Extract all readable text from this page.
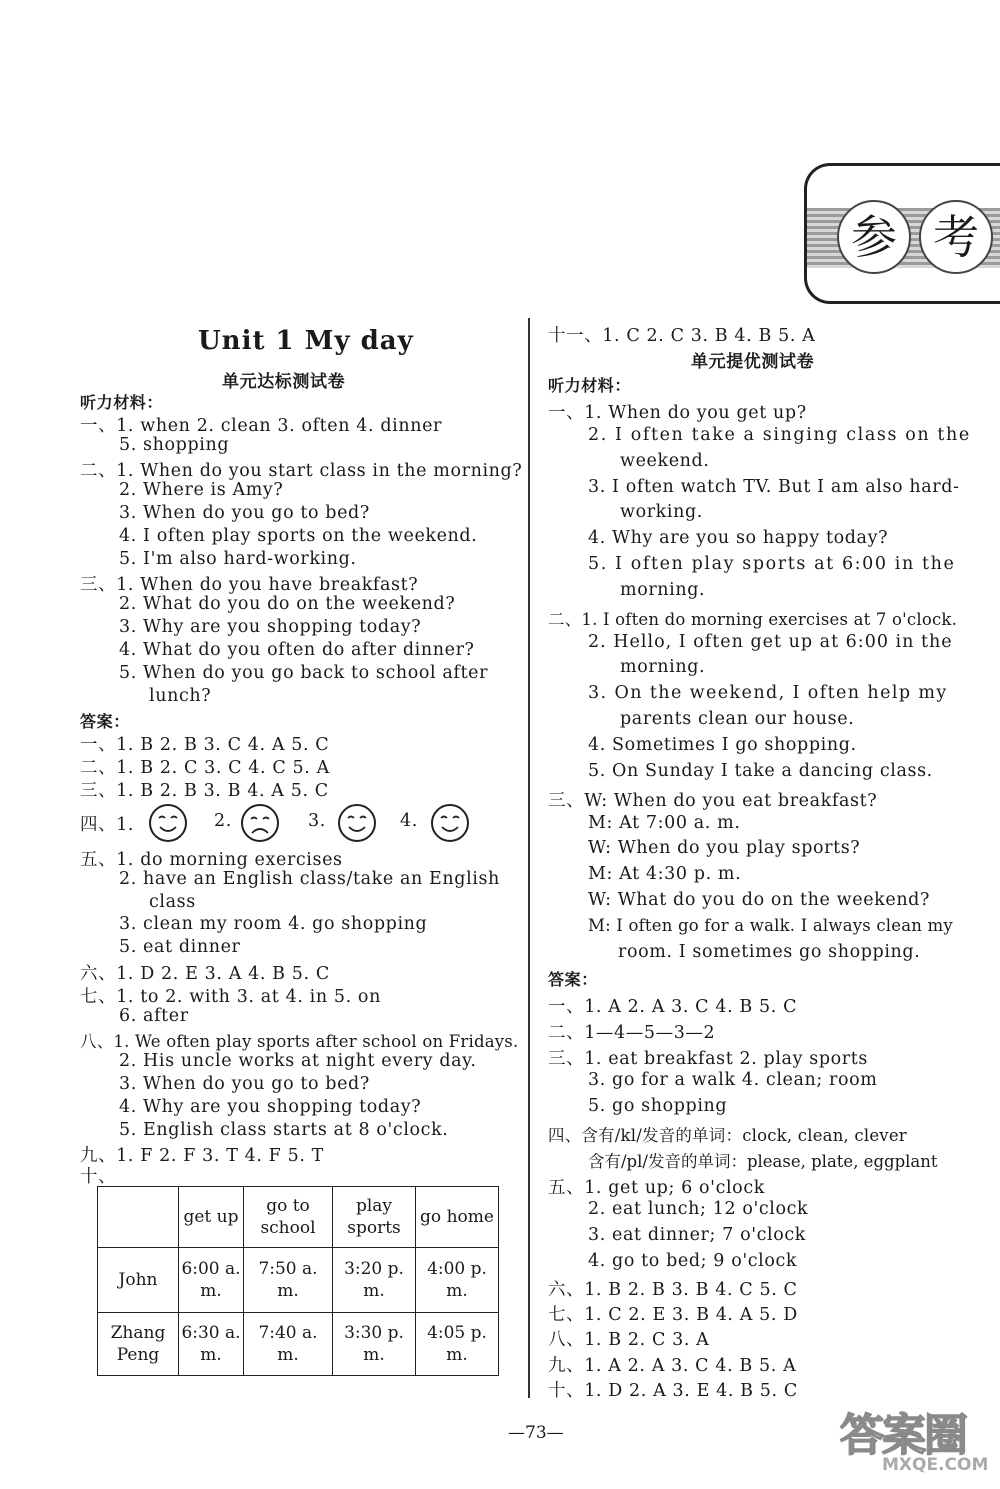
参 考
Unit 1 My day
单元达标测试卷
听力材料：
一、1. when 2. clean 3. often 4. dinner
5. shopping
二、1. When do you start class in the morning?
2. Where is Amy?
3. When do you go to bed?
4. I often play sports on the weekend.
5. I'm also hard-working.
三、1. When do you have breakfast?
2. What do you do on the weekend?
3. Why are you shopping today?
4. What do you often do after dinner?
5. When do you go back to school after
lunch?
答案：
一、1. B 2. B 3. C 4. A 5. C
二、1. B 2. C 3. C 4. C 5. A
三、1. B 2. B 3. B 4. A 5. C
四、1.	2.	3.	4.
五、1. do morning exercises
2. have an English class/take an English
class
3. clean my room 4. go shopping
5. eat dinner
六、1. D 2. E 3. A 4. B 5. C
七、1. to 2. with 3. at 4. in 5. on
6. after
八、1. We often play sports after school on Fridays.
2. His uncle works at night every day.
3. When do you go to bed?
4. Why are you shopping today?
5. English class starts at 8 o'clock.
九、1. F 2. F 3. T 4. F 5. T
十、
	get up	go to school	play sports	go home
John	6:00 a. m.	7:50 a. m.	3:20 p. m.	4:00 p. m.
Zhang Peng	6:30 a. m.	7:40 a. m.	3:30 p. m.	4:05 p. m.
十一、1. C 2. C 3. B 4. B 5. A
单元提优测试卷
听力材料：
一、1. When do you get up?
2. I often take a singing class on the
weekend.
3. I often watch TV. But I am also hard-
working.
4. Why are you so happy today?
5. I often play sports at 6:00 in the
morning.
二、1. I often do morning exercises at 7 o'clock.
2. Hello, I often get up at 6:00 in the
morning.
3. On the weekend, I often help my
parents clean our house.
4. Sometimes I go shopping.
5. On Sunday I take a dancing class.
三、W: When do you eat breakfast?
M: At 7:00 a. m.
W: When do you play sports?
M: At 4:30 p. m.
W: What do you do on the weekend?
M: I often go for a walk. I always clean my
room. I sometimes go shopping.
答案：
一、1. A 2. A 3. C 4. B 5. C
二、1—4—5—3—2
三、1. eat breakfast 2. play sports
3. go for a walk 4. clean; room
5. go shopping
四、含有/kl/发音的单词：clock, clean, clever
含有/pl/发音的单词：please, plate, eggplant
五、1. get up; 6 o'clock
2. eat lunch; 12 o'clock
3. eat dinner; 7 o'clock
4. go to bed; 9 o'clock
六、1. B 2. B 3. B 4. C 5. C
七、1. C 2. E 3. B 4. A 5. D
八、1. B 2. C 3. A
九、1. A 2. A 3. C 4. B 5. A
十、1. D 2. A 3. E 4. B 5. C
—73—	答案圈
MXQE.COM
